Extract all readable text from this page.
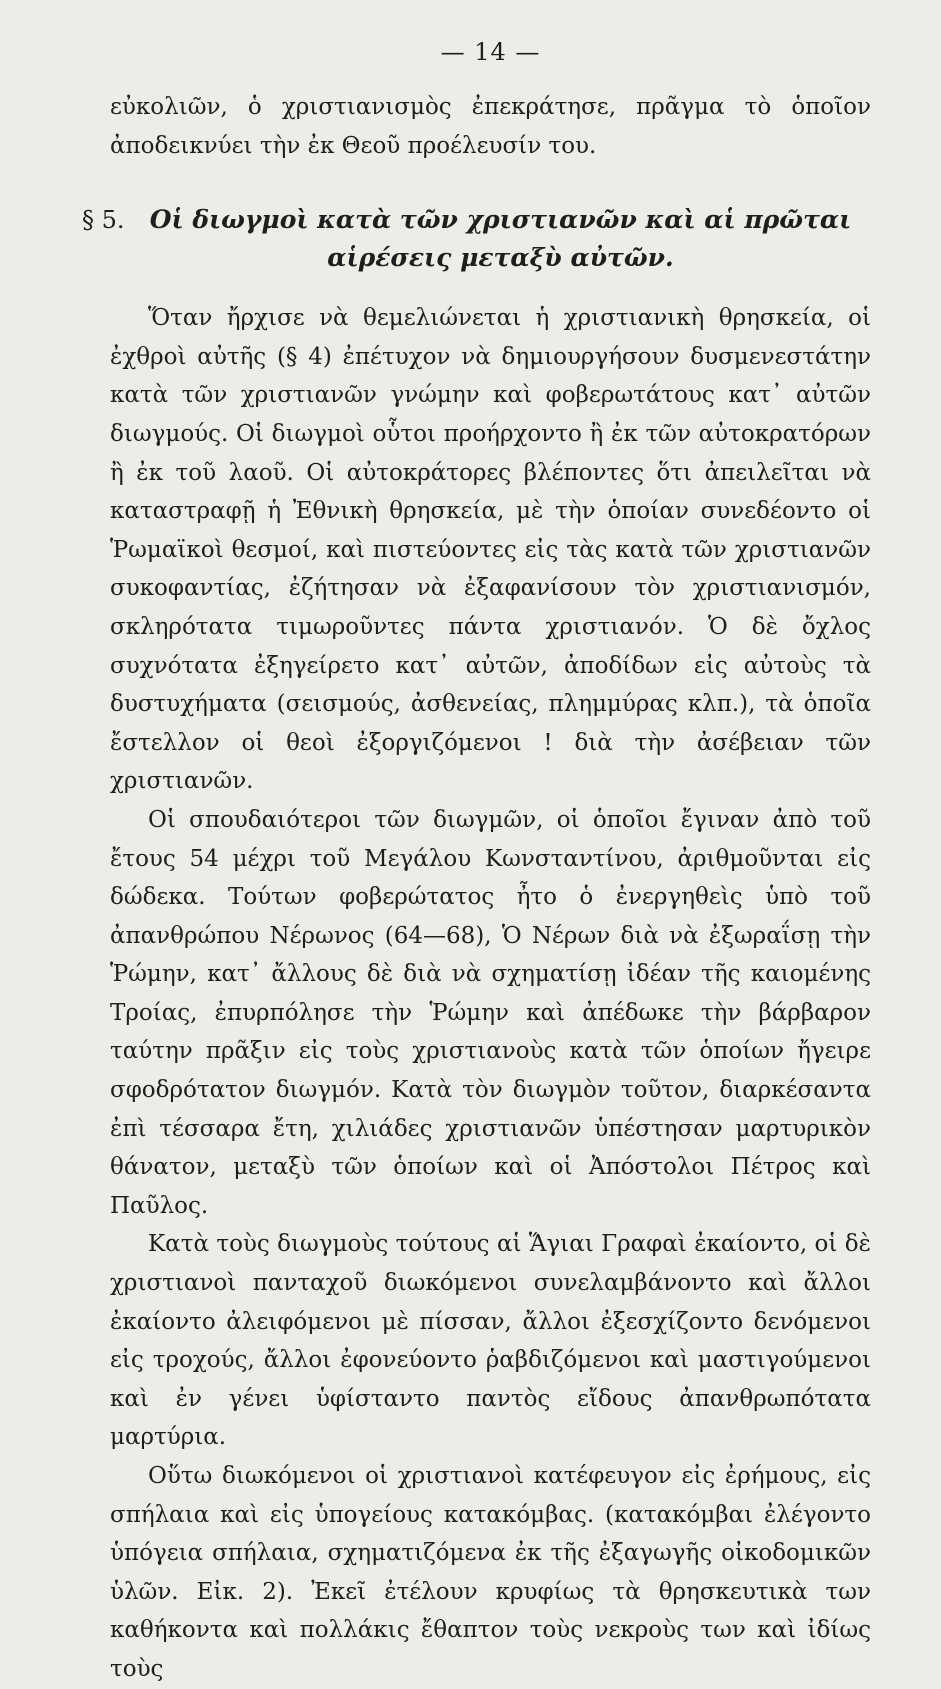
— 14 —

εὐκολιῶν, ὁ χριστιανισμὸς ἐπεκράτησε, πρᾶγμα τὸ ὁποῖον ἀποδεικνύει τὴν ἐκ Θεοῦ προέλευσίν του.

§ 5.	Οἱ διωγμοὶ κατὰ τῶν χριστιανῶν καὶ αἱ πρῶται αἱρέσεις μεταξὺ αὐτῶν.

Ὅταν ἤρχισε νὰ θεμελιώνεται ἡ χριστιανικὴ θρησκεία, οἱ ἐχθροὶ αὐτῆς (§ 4) ἐπέτυχον νὰ δημιουργήσουν δυσμενεστάτην κατὰ τῶν χριστιανῶν γνώμην καὶ φοβερωτάτους κατ᾽ αὐτῶν διωγμούς. Οἱ διωγμοὶ οὗτοι προήρχοντο ἢ ἐκ τῶν αὐτοκρατόρων ἢ ἐκ τοῦ λαοῦ. Οἱ αὐτοκράτορες βλέποντες ὅτι ἀπειλεῖται νὰ καταστραφῇ ἡ Ἐθνικὴ θρησκεία, μὲ τὴν ὁποίαν συνεδέοντο οἱ Ῥωμαϊκοὶ θεσμοί, καὶ πιστεύοντες εἰς τὰς κατὰ τῶν χριστιανῶν συκοφαντίας, ἐζήτησαν νὰ ἐξαφανίσουν τὸν χριστιανισμόν, σκληρότατα τιμωροῦντες πάντα χριστιανόν. Ὁ δὲ ὄχλος συχνότατα ἐξηγείρετο κατ᾽ αὐτῶν, ἀποδίδων εἰς αὐτοὺς τὰ δυστυχήματα (σεισμούς, ἀσθενείας, πλημμύρας κλπ.), τὰ ὁποῖα ἔστελλον οἱ θεοὶ ἐξοργιζόμενοι ! διὰ τὴν ἀσέβειαν τῶν χριστιανῶν.

Οἱ σπουδαιότεροι τῶν διωγμῶν, οἱ ὁποῖοι ἔγιναν ἀπὸ τοῦ ἔτους 54 μέχρι τοῦ Μεγάλου Κωνσταντίνου, ἀριθμοῦνται εἰς δώδεκα. Τούτων φοβερώτατος ἦτο ὁ ἐνεργηθεὶς ὑπὸ τοῦ ἀπανθρώπου Νέρωνος (64—68), Ὁ Νέρων διὰ νὰ ἐξωραΐσῃ τὴν Ῥώμην, κατ᾽ ἄλλους δὲ διὰ νὰ σχηματίσῃ ἰδέαν τῆς καιομένης Τροίας, ἐπυρπόλησε τὴν Ῥώμην καὶ ἀπέδωκε τὴν βάρβαρον ταύτην πρᾶξιν εἰς τοὺς χριστιανοὺς κατὰ τῶν ὁποίων ἤγειρε σφοδρότατον διωγμόν. Κατὰ τὸν διωγμὸν τοῦτον, διαρκέσαντα ἐπὶ τέσσαρα ἔτη, χιλιάδες χριστιανῶν ὑπέστησαν μαρτυρικὸν θάνατον, μεταξὺ τῶν ὁποίων καὶ οἱ Ἀπόστολοι Πέτρος καὶ Παῦλος.

Κατὰ τοὺς διωγμοὺς τούτους αἱ Ἅγιαι Γραφαὶ ἐκαίοντο, οἱ δὲ χριστιανοὶ πανταχοῦ διωκόμενοι συνελαμβάνοντο καὶ ἄλλοι ἐκαίοντο ἀλειφόμενοι μὲ πίσσαν, ἄλλοι ἐξεσχίζοντο δενόμενοι εἰς τροχούς, ἄλλοι ἐφονεύοντο ῥαβδιζόμενοι καὶ μαστιγούμενοι καὶ ἐν γένει ὑφίσταντο παντὸς εἴδους ἀπανθρωπότατα μαρτύρια.

Οὕτω διωκόμενοι οἱ χριστιανοὶ κατέφευγον εἰς ἐρήμους, εἰς σπήλαια καὶ εἰς ὑπογείους κατακόμβας. (κατακόμβαι ἐλέγοντο ὑπόγεια σπήλαια, σχηματιζόμενα ἐκ τῆς ἐξαγωγῆς οἰκοδομικῶν ὑλῶν. Εἰκ. 2). Ἐκεῖ ἐτέλουν κρυφίως τὰ θρησκευτικὰ των καθήκοντα καὶ πολλάκις ἔθαπτον τοὺς νεκροὺς των καὶ ἰδίως τοὺς
